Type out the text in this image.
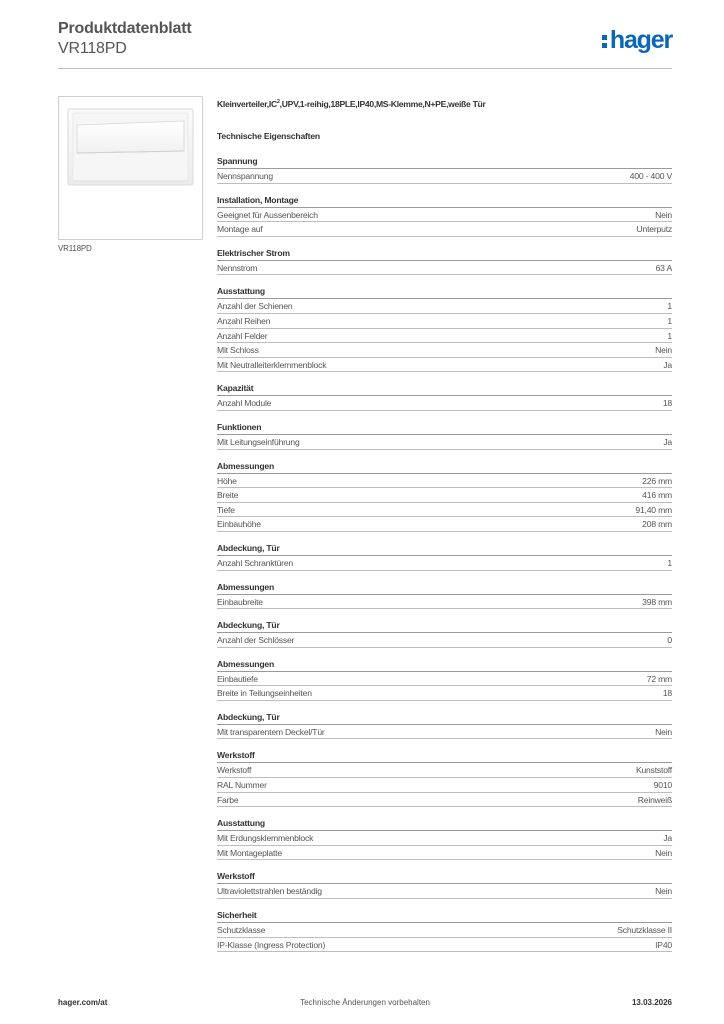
Produktdatenblatt
VR118PD	hager
VR118PD
$Kleinverteiler,IC^2,UPV,1-reihig,18PLE,IP40,MS-Klemme,N+PE,weiße$ Tür
Technische Eigenschaften
Spannung
Nennspannung	400 - 400 V
Installation, Montage
Geeignet für Aussenbereich	Nein
Montage auf	Unterputz
Elektrischer Strom
Nennstrom	63 A
Ausstattung
Anzahl der Schienen	1
Anzahl Reihen	1
Anzahl Felder	1
Mit Schloss	Nein
Mit Neutralleiterklemmenblock	Ja
Kapazität
Anzahl Module	18
Funktionen
Mit Leitungseinführung	Ja
Abmessungen
Höhe	226 mm
Breite	416 mm
Tiefe	91,40 mm
Einbauhöhe	208 mm
Abdeckung, Tür
Anzahl Schranktüren	1
Abmessungen
Einbaubreite	398 mm
Abdeckung, Tür
Anzahl der Schlösser	0
Abmessungen
Einbautiefe	72 mm
Breite in Teilungseinheiten	18
Abdeckung, Tür
Mit transparentem Deckel/Tür	Nein
Werkstoff
Werkstoff	Kunststoff
RAL Nummer	9010
Farbe	Reinweiß
Ausstattung
Mit Erdungsklemmenblock	Ja
Mit Montageplatte	Nein
Werkstoff
Ultraviolettstrahlen beständig	Nein
Sicherheit
Schutzklasse	Schutzklasse II
IP-Klasse (Ingress Protection)	IP40
hager.com/at	Technische Änderungen vorbehalten	13.03.2026
